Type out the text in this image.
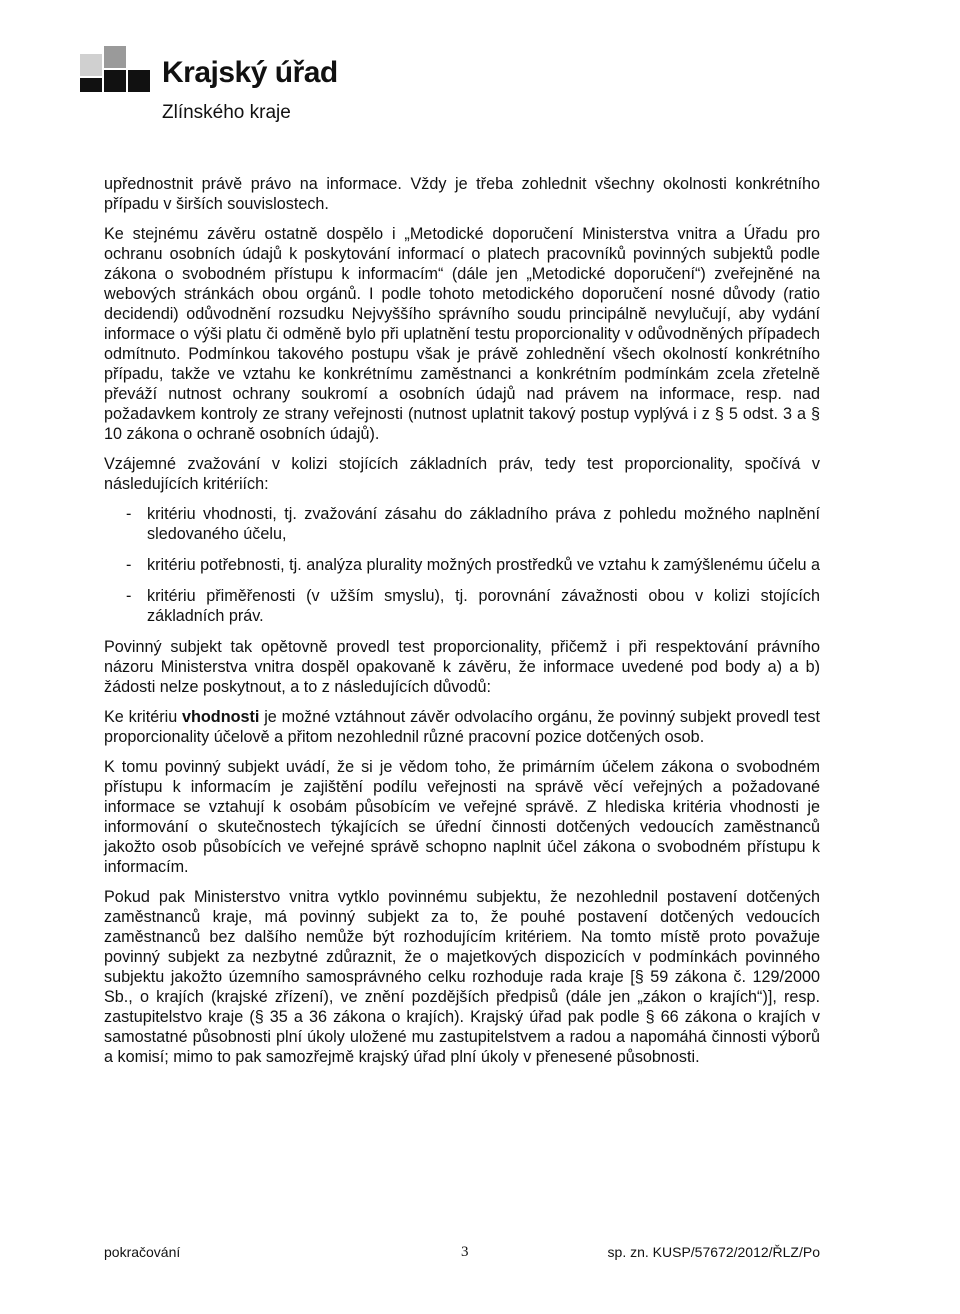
Krajský úřad
Zlínského kraje

upřednostnit právě právo na informace. Vždy je třeba zohlednit všechny okolnosti konkrétního případu v širších souvislostech.

Ke stejnému závěru ostatně dospělo i „Metodické doporučení Ministerstva vnitra a Úřadu pro ochranu osobních údajů k poskytování informací o platech pracovníků povinných subjektů podle zákona o svobodném přístupu k informacím“ (dále jen „Metodické doporučení“) zveřejněné na webových stránkách obou orgánů. I podle tohoto metodického doporučení nosné důvody (ratio decidendi) odůvodnění rozsudku Nejvyššího správního soudu principálně nevylučují, aby vydání informace o výši platu či odměně bylo při uplatnění testu proporcionality v odůvodněných případech odmítnuto. Podmínkou takového postupu však je právě zohlednění všech okolností konkrétního případu, takže ve vztahu ke konkrétnímu zaměstnanci a konkrétním podmínkám zcela zřetelně převáží nutnost ochrany soukromí a osobních údajů nad právem na informace, resp. nad požadavkem kontroly ze strany veřejnosti (nutnost uplatnit takový postup vyplývá i z § 5 odst. 3 a § 10 zákona o ochraně osobních údajů).

Vzájemné zvažování v kolizi stojících základních práv, tedy test proporcionality, spočívá v následujících kritériích:

- kritériu vhodnosti, tj. zvažování zásahu do základního práva z pohledu možného naplnění sledovaného účelu,
- kritériu potřebnosti, tj. analýza plurality možných prostředků ve vztahu k zamýšlenému účelu a
- kritériu přiměřenosti (v užším smyslu), tj. porovnání závažnosti obou v kolizi stojících základních práv.

Povinný subjekt tak opětovně provedl test proporcionality, přičemž i při respektování právního názoru Ministerstva vnitra dospěl opakovaně k závěru, že informace uvedené pod body a) a b) žádosti nelze poskytnout, a to z následujících důvodů:

Ke kritériu vhodnosti je možné vztáhnout závěr odvolacího orgánu, že povinný subjekt provedl test proporcionality účelově a přitom nezohlednil různé pracovní pozice dotčených osob.

K tomu povinný subjekt uvádí, že si je vědom toho, že primárním účelem zákona o svobodném přístupu k informacím je zajištění podílu veřejnosti na správě věcí veřejných a požadované informace se vztahují k osobám působícím ve veřejné správě. Z hlediska kritéria vhodnosti je informování o skutečnostech týkajících se úřední činnosti dotčených vedoucích zaměstnanců jakožto osob působících ve veřejné správě schopno naplnit účel zákona o svobodném přístupu k informacím.

Pokud pak Ministerstvo vnitra vytklo povinnému subjektu, že nezohlednil postavení dotčených zaměstnanců kraje, má povinný subjekt za to, že pouhé postavení dotčených vedoucích zaměstnanců bez dalšího nemůže být rozhodujícím kritériem. Na tomto místě proto považuje povinný subjekt za nezbytné zdůraznit, že o majetkových dispozicích v podmínkách povinného subjektu jakožto územního samosprávného celku rozhoduje rada kraje [§ 59 zákona č. 129/2000 Sb., o krajích (krajské zřízení), ve znění pozdějších předpisů (dále jen „zákon o krajích“)], resp. zastupitelstvo kraje (§ 35 a 36 zákona o krajích). Krajský úřad pak podle § 66 zákona o krajích v samostatné působnosti plní úkoly uložené mu zastupitelstvem a radou a napomáhá činnosti výborů a komisí; mimo to pak samozřejmě krajský úřad plní úkoly v přenesené působnosti.

pokračování	3	sp. zn. KUSP/57672/2012/ŘLZ/Po
